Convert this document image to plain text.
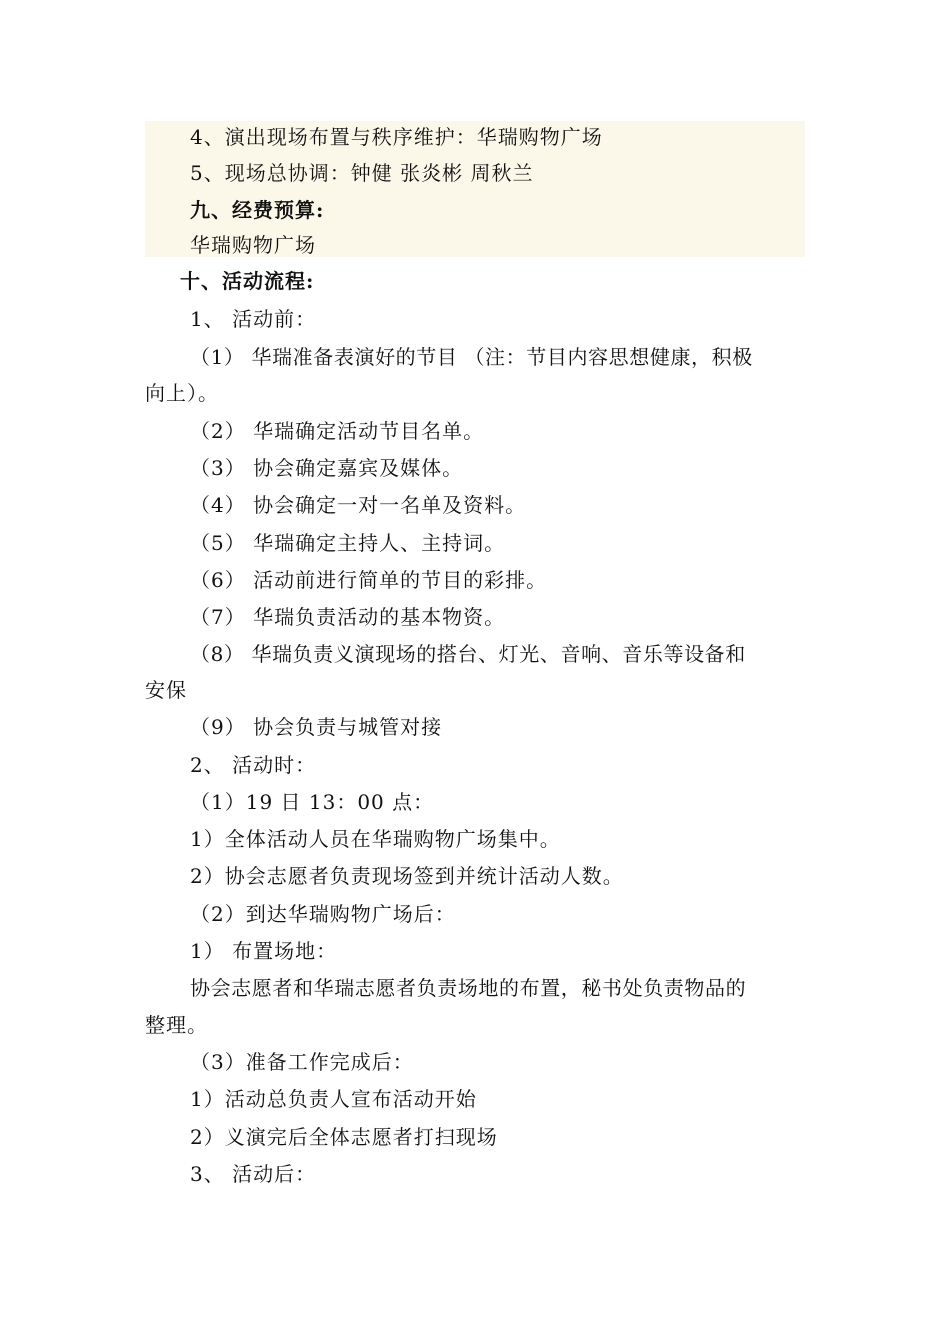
4、演出现场布置与秩序维护：华瑞购物广场
5、现场总协调：钟健 张炎彬 周秋兰
九、经费预算:
华瑞购物广场
十、活动流程:
1、 活动前：
（1） 华瑞准备表演好的节目 （注：节目内容思想健康，积极
向上）。
（2） 华瑞确定活动节目名单。
（3） 协会确定嘉宾及媒体。
（4） 协会确定一对一名单及资料。
（5） 华瑞确定主持人、主持词。
（6） 活动前进行简单的节目的彩排。
（7） 华瑞负责活动的基本物资。
（8） 华瑞负责义演现场的搭台、灯光、音响、音乐等设备和
安保
（9） 协会负责与城管对接
2、 活动时：
（1）19 日 13：00 点：
1）全体活动人员在华瑞购物广场集中。
2）协会志愿者负责现场签到并统计活动人数。
（2）到达华瑞购物广场后：
1） 布置场地：
协会志愿者和华瑞志愿者负责场地的布置，秘书处负责物品的
整理。
（3）准备工作完成后：
1）活动总负责人宣布活动开始
2）义演完后全体志愿者打扫现场
3、 活动后：
